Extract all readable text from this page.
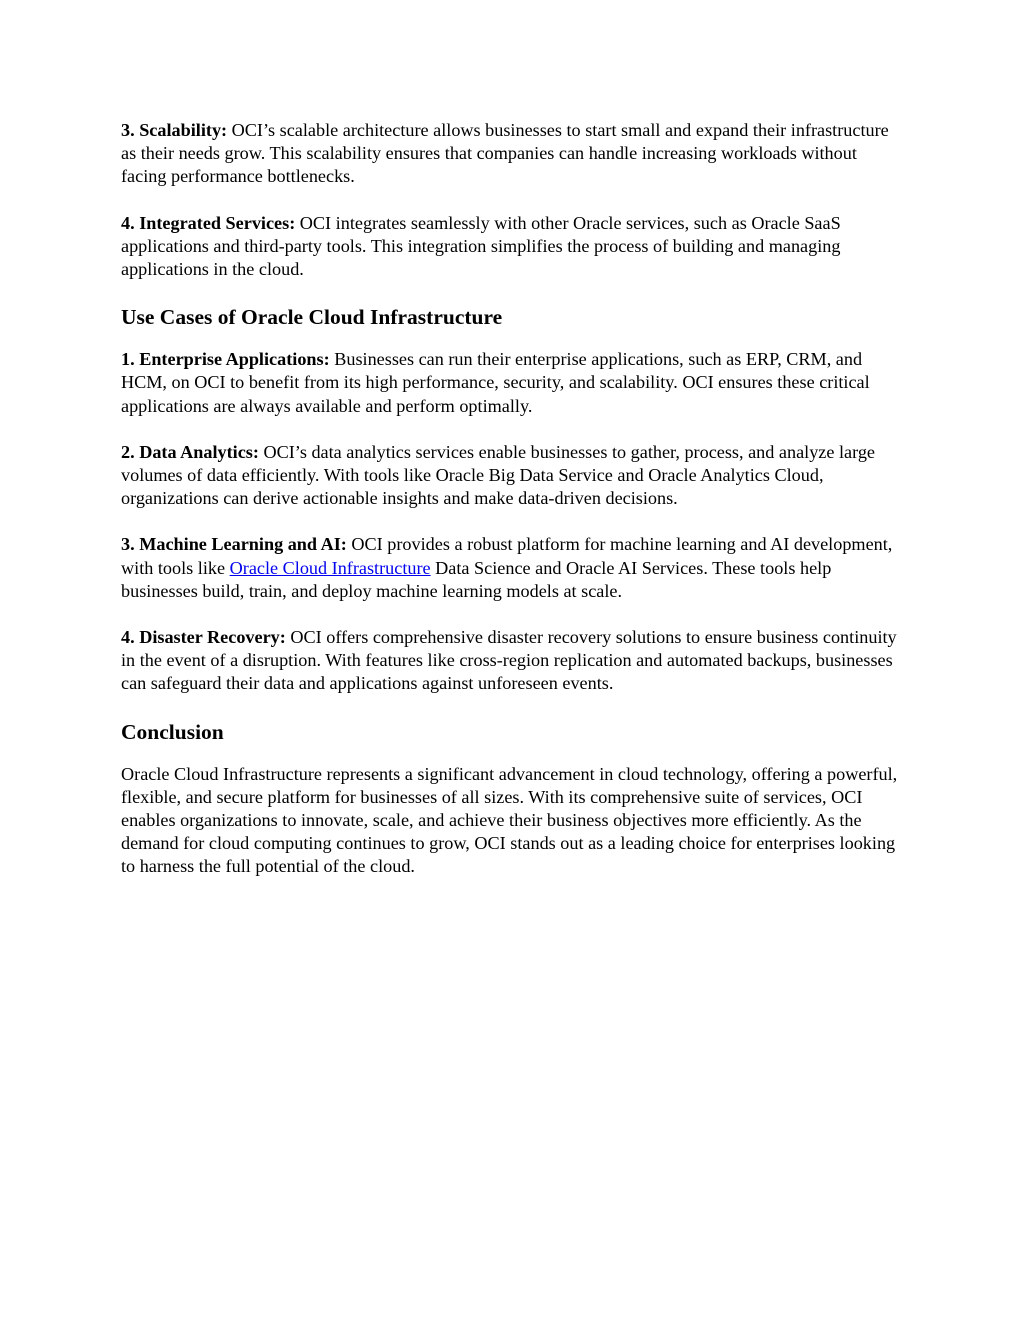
3. Scalability: OCI’s scalable architecture allows businesses to start small and expand their infrastructure as their needs grow. This scalability ensures that companies can handle increasing workloads without facing performance bottlenecks.

4. Integrated Services: OCI integrates seamlessly with other Oracle services, such as Oracle SaaS applications and third-party tools. This integration simplifies the process of building and managing applications in the cloud.

Use Cases of Oracle Cloud Infrastructure

1. Enterprise Applications: Businesses can run their enterprise applications, such as ERP, CRM, and HCM, on OCI to benefit from its high performance, security, and scalability. OCI ensures these critical applications are always available and perform optimally.

2. Data Analytics: OCI’s data analytics services enable businesses to gather, process, and analyze large volumes of data efficiently. With tools like Oracle Big Data Service and Oracle Analytics Cloud, organizations can derive actionable insights and make data-driven decisions.

3. Machine Learning and AI: OCI provides a robust platform for machine learning and AI development, with tools like Oracle Cloud Infrastructure Data Science and Oracle AI Services. These tools help businesses build, train, and deploy machine learning models at scale.

4. Disaster Recovery: OCI offers comprehensive disaster recovery solutions to ensure business continuity in the event of a disruption. With features like cross-region replication and automated backups, businesses can safeguard their data and applications against unforeseen events.

Conclusion

Oracle Cloud Infrastructure represents a significant advancement in cloud technology, offering a powerful, flexible, and secure platform for businesses of all sizes. With its comprehensive suite of services, OCI enables organizations to innovate, scale, and achieve their business objectives more efficiently. As the demand for cloud computing continues to grow, OCI stands out as a leading choice for enterprises looking to harness the full potential of the cloud.
